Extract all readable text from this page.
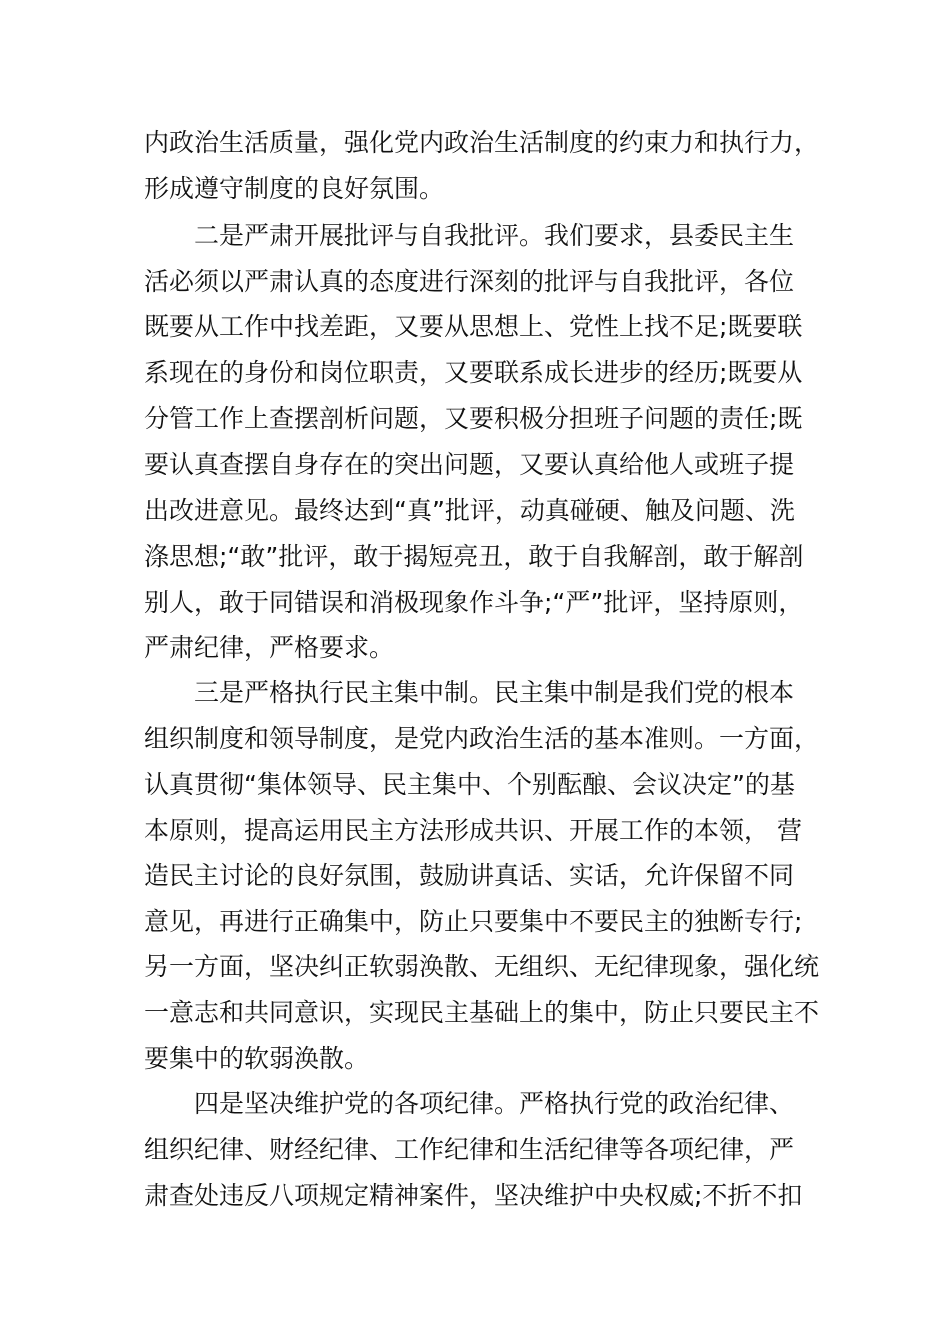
内政治生活质量，强化党内政治生活制度的约束力和执行力，
形成遵守制度的良好氛围。
二是严肃开展批评与自我批评。我们要求，县委民主生
活必须以严肃认真的态度进行深刻的批评与自我批评，各位
既要从工作中找差距，又要从思想上、党性上找不足;既要联
系现在的身份和岗位职责，又要联系成长进步的经历;既要从
分管工作上查摆剖析问题，又要积极分担班子问题的责任;既
要认真查摆自身存在的突出问题，又要认真给他人或班子提
出改进意见。最终达到“真”批评，动真碰硬、触及问题、洗
涤思想;“敢”批评，敢于揭短亮丑，敢于自我解剖，敢于解剖
别人，敢于同错误和消极现象作斗争;“严”批评，坚持原则，
严肃纪律，严格要求。
三是严格执行民主集中制。民主集中制是我们党的根本
组织制度和领导制度，是党内政治生活的基本准则。一方面，
认真贯彻“集体领导、民主集中、个别酝酿、会议决定”的基
本原则，提高运用民主方法形成共识、开展工作的本领， 营
造民主讨论的良好氛围，鼓励讲真话、实话，允许保留不同
意见，再进行正确集中，防止只要集中不要民主的独断专行;
另一方面，坚决纠正软弱涣散、无组织、无纪律现象，强化统
一意志和共同意识，实现民主基础上的集中，防止只要民主不
要集中的软弱涣散。
四是坚决维护党的各项纪律。严格执行党的政治纪律、
组织纪律、财经纪律、工作纪律和生活纪律等各项纪律，严
肃查处违反八项规定精神案件，坚决维护中央权威;不折不扣
